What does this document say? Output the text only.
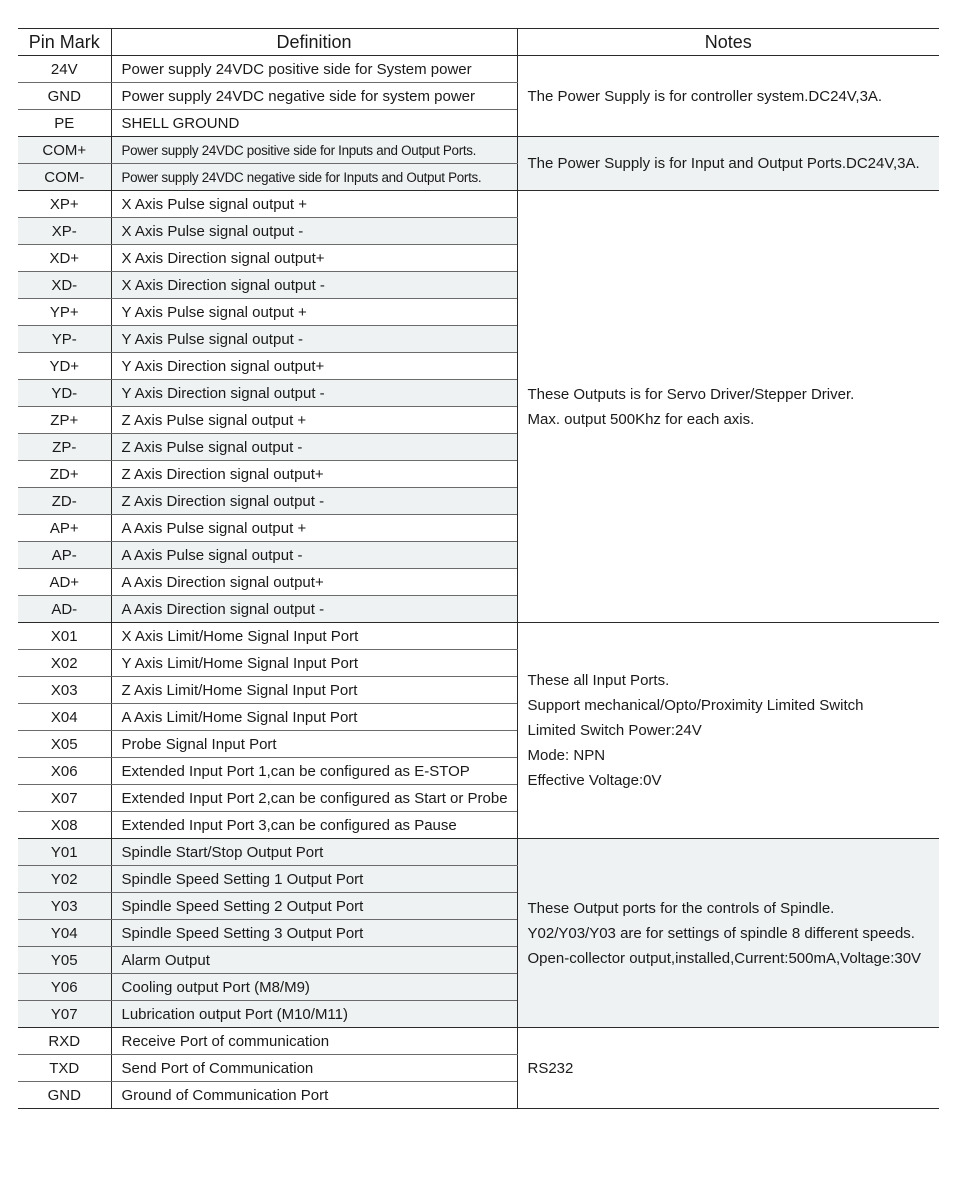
Pin Mark	Definition	Notes
24V	Power supply 24VDC positive side for System power	The Power Supply is for controller system.DC24V,3A.

GND	Power supply 24VDC negative side for system power	
PE	SHELL GROUND	
COM+	Power supply 24VDC positive side for Inputs and Output Ports.	The Power Supply is for Input and Output Ports.DC24V,3A.

COM-	Power supply 24VDC negative side for Inputs and Output Ports.	
XP+	X Axis Pulse signal output +	These Outputs is for Servo Driver/Stepper Driver.
Max. output 500Khz for each axis.

XP-	X Axis Pulse signal output -	
XD+	X Axis Direction signal output+	
XD-	X Axis Direction signal output -	
YP+	Y Axis Pulse signal output +	
YP-	Y Axis Pulse signal output -	
YD+	Y Axis Direction signal output+	
YD-	Y Axis Direction signal output -	
ZP+	Z Axis Pulse signal output +	
ZP-	Z Axis Pulse signal output -	
ZD+	Z Axis Direction signal output+	
ZD-	Z Axis Direction signal output -	
AP+	A Axis Pulse signal output +	
AP-	A Axis Pulse signal output -	
AD+	A Axis Direction signal output+	
AD-	A Axis Direction signal output -	
X01	X Axis Limit/Home Signal Input Port	These all Input Ports.
Support mechanical/Opto/Proximity Limited Switch
Limited Switch Power:24V
Mode: NPN
Effective Voltage:0V

X02	Y Axis Limit/Home Signal Input Port	
X03	Z Axis Limit/Home Signal Input Port	
X04	A Axis Limit/Home Signal Input Port	
X05	Probe Signal Input Port	
X06	Extended Input Port 1,can be configured as E-STOP	
X07	Extended Input Port 2,can be configured as Start or Probe	
X08	Extended Input Port 3,can be configured as Pause	
Y01	Spindle Start/Stop Output Port	These Output ports for the controls of Spindle.
Y02/Y03/Y03 are for settings of spindle 8 different speeds.
Open-collector output,installed,Current:500mA,Voltage:30V

Y02	Spindle Speed Setting 1 Output Port	
Y03	Spindle Speed Setting 2 Output Port	
Y04	Spindle Speed Setting 3 Output Port	
Y05	Alarm Output	
Y06	Cooling output Port (M8/M9)	
Y07	Lubrication output Port (M10/M11)	
RXD	Receive Port of communication	RS232

TXD	Send Port of Communication	
GND	Ground of Communication Port	
